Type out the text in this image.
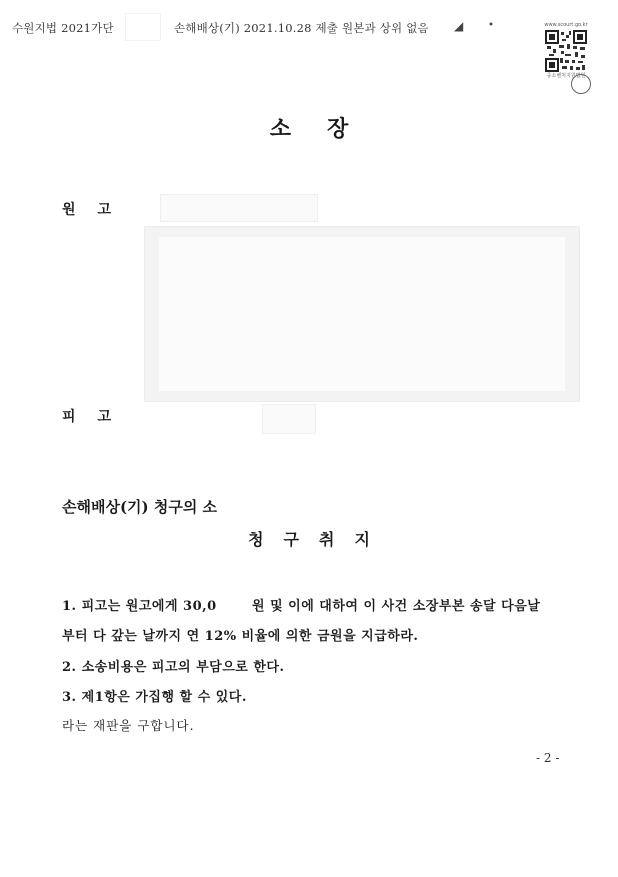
수원지법 2021가단	손해배상(기) 2021.10.28 제출 원본과 상위 없음 ◢ •	www.scourt.go.kr
중소벤처지원법원
소장
원고
피고
손해배상(기) 청구의 소
청구취지
1. 피고는 원고에게 30,0	원 및 이에 대하여 이 사건 소장부본 송달 다음날
부터 다 갚는 날까지 연 12% 비율에 의한 금원을 지급하라.
2. 소송비용은 피고의 부담으로 한다.
3. 제1항은 가집행 할 수 있다.
라는 재판을 구합니다.
- 2 -
